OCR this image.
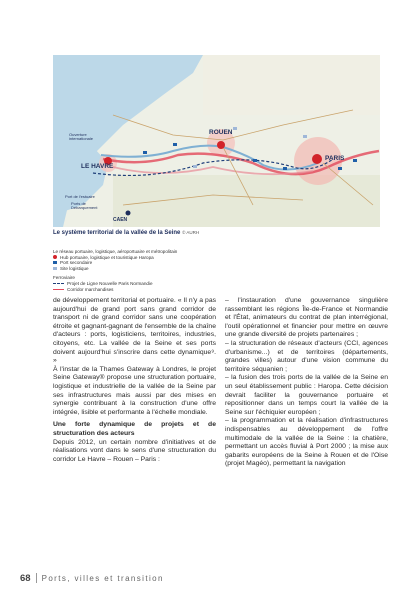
LE HAVRE
ROUEN
PARIS
CAEN
Ouverture internationale
Port de l'estuaire
Ports de Débarquement
Le système territorial de la vallée de la Seine © AURH
Le réseau portuaire, logistique, aéroportuaire et métropolitain
Hub portuaire, logistique et touristique Haropa
Port secondaire
Site logistique
Ferroviaire
Projet de Ligne Nouvelle Paris Normandie
Corridor marchandises

de développement territorial et portuaire. « Il n'y a pas aujourd'hui de grand port sans grand corridor de transport ni de grand corridor sans une coopération étroite et gagnant-gagnant de l'ensemble de la chaîne d'acteurs : ports, logisticiens, territoires, industries, citoyens, etc. La vallée de la Seine et ses ports doivent aujourd'hui s'inscrire dans cette dynamique⁹. »

À l'instar de la Thames Gateway à Londres, le projet Seine Gateway® propose une structuration portuaire, logistique et industrielle de la vallée de la Seine par ses infrastructures mais aussi par des mises en synergie contribuant à la construction d'une offre intégrée, lisible et performante à l'échelle mondiale.

Une forte dynamique de projets et de structuration des acteurs

Depuis 2012, un certain nombre d'initiatives et de réalisations vont dans le sens d'une structuration du corridor Le Havre – Rouen – Paris :

– l'instauration d'une gouvernance singulière rassemblant les régions Île-de-France et Normandie et l'État, animateurs du contrat de plan interrégional, l'outil opérationnel et financier pour mettre en œuvre une grande diversité de projets partenaires ;

– la structuration de réseaux d'acteurs (CCI, agences d'urbanisme...) et de territoires (départements, grandes villes) autour d'une vision commune du territoire séquanien ;

– la fusion des trois ports de la vallée de la Seine en un seul établissement public : Haropa. Cette décision devrait faciliter la gouvernance portuaire et repositionner dans un temps court la vallée de la Seine sur l'échiquier européen ;

– la programmation et la réalisation d'infrastructures indispensables au développement de l'offre multimodale de la vallée de la Seine : la chatière, permettant un accès fluvial à Port 2000 ; la mise aux gabarits européens de la Seine à Rouen et de l'Oise (projet Magéo), permettant la navigation

68 Ports, villes et transition
